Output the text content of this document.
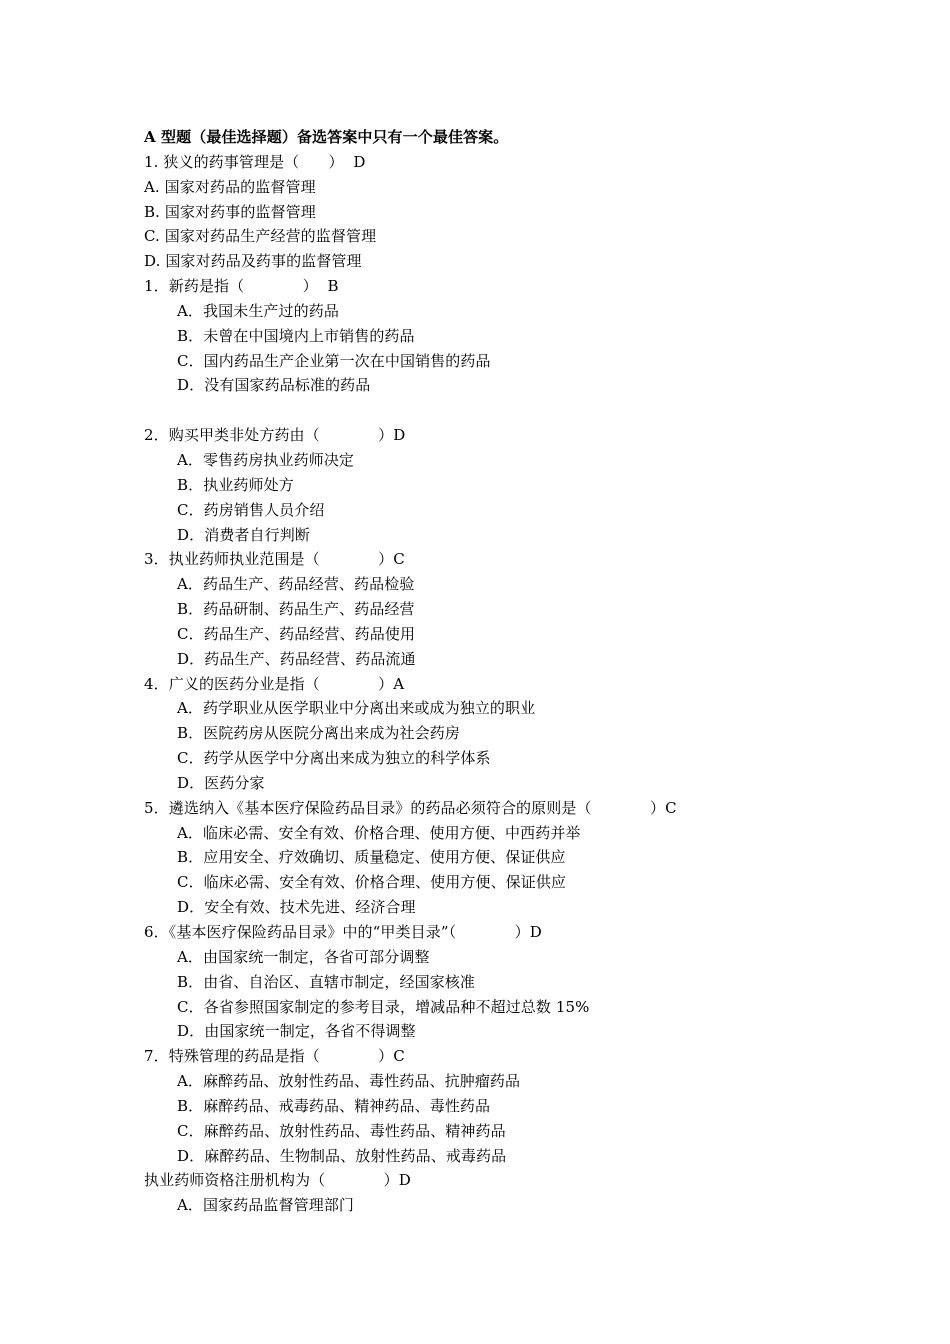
A 型题（最佳选择题）备选答案中只有一个最佳答案。
1. 狭义的药事管理是（      ）  D
A. 国家对药品的监督管理
B. 国家对药事的监督管理
C. 国家对药品生产经营的监督管理
D. 国家对药品及药事的监督管理
1．新药是指（            ）  B
A．我国未生产过的药品
B．未曾在中国境内上市销售的药品
C．国内药品生产企业第一次在中国销售的药品
D．没有国家药品标准的药品
2．购买甲类非处方药由（            ）D
A．零售药房执业药师决定
B．执业药师处方
C．药房销售人员介绍
D．消费者自行判断
3．执业药师执业范围是（            ）C
A．药品生产、药品经营、药品检验
B．药品研制、药品生产、药品经营
C．药品生产、药品经营、药品使用
D．药品生产、药品经营、药品流通
4．广义的医药分业是指（            ）A
A．药学职业从医学职业中分离出来或成为独立的职业
B．医院药房从医院分离出来成为社会药房
C．药学从医学中分离出来成为独立的科学体系
D．医药分家
5．遴选纳入《基本医疗保险药品目录》的药品必须符合的原则是（            ）C
A．临床必需、安全有效、价格合理、使用方便、中西药并举
B．应用安全、疗效确切、质量稳定、使用方便、保证供应
C．临床必需、安全有效、价格合理、使用方便、保证供应
D．安全有效、技术先进、经济合理
6．《基本医疗保险药品目录》中的“甲类目录”（            ）D
A．由国家统一制定，各省可部分调整
B．由省、自治区、直辖市制定，经国家核准
C．各省参照国家制定的参考目录，增减品种不超过总数 15%
D．由国家统一制定，各省不得调整
7．特殊管理的药品是指（            ）C
A．麻醉药品、放射性药品、毒性药品、抗肿瘤药品
B．麻醉药品、戒毒药品、精神药品、毒性药品
C．麻醉药品、放射性药品、毒性药品、精神药品
D．麻醉药品、生物制品、放射性药品、戒毒药品
执业药师资格注册机构为（            ）D
A．国家药品监督管理部门
